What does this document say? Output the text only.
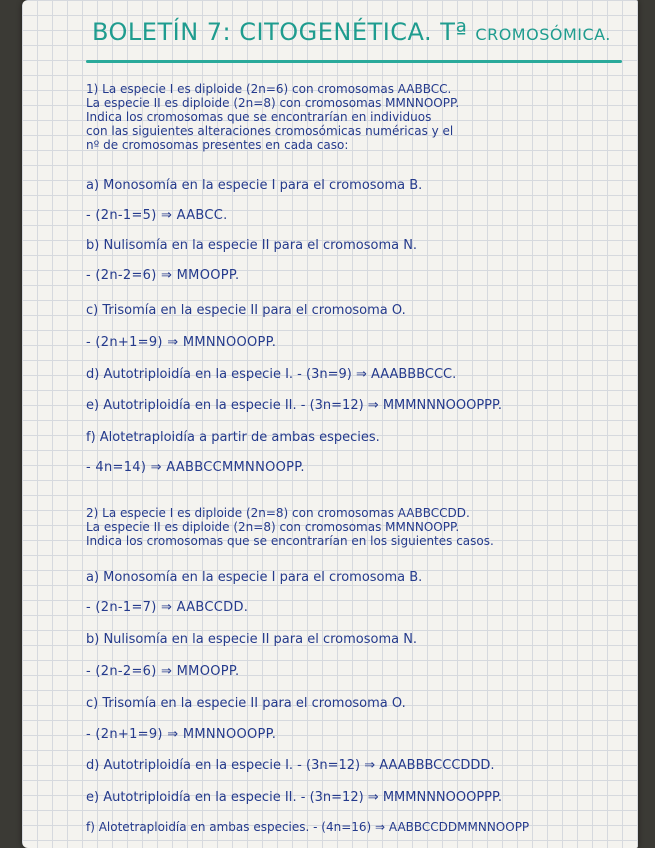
BOLETÍN 7: CITOGENÉTICA. Tª CROMOSÓMICA.
1) La especie I es diploide (2n=6) con cromosomas AABBCC.
La especie II es diploide (2n=8) con cromosomas MMNNOOPP.
Indica los cromosomas que se encontrarían en individuos
con las siguientes alteraciones cromosómicas numéricas y el
nº de cromosomas presentes en cada caso:
a) Monosomía en la especie I para el cromosoma B.
- (2n-1=5) ⇒ AABCC.
b) Nulisomía en la especie II para el cromosoma N.
- (2n-2=6) ⇒ MMOOPP.
c) Trisomía en la especie II para el cromosoma O.
- (2n+1=9) ⇒ MMNNOOOPP.
d) Autotriploidía en la especie I. - (3n=9) ⇒ AAABBBCCC.
e) Autotriploidía en la especie II. - (3n=12) ⇒ MMMNNNOOOPPP.
f) Alotetraploidía a partir de ambas especies.
- 4n=14) ⇒ AABBCCMMNNOOPP.
2) La especie I es diploide (2n=8) con cromosomas AABBCCDD.
La especie II es diploide (2n=8) con cromosomas MMNNOOPP.
Indica los cromosomas que se encontrarían en los siguientes casos.
a) Monosomía en la especie I para el cromosoma B.
- (2n-1=7) ⇒ AABCCDD.
b) Nulisomía en la especie II para el cromosoma N.
- (2n-2=6) ⇒ MMOOPP.
c) Trisomía en la especie II para el cromosoma O.
- (2n+1=9) ⇒ MMNNOOOPP.
d) Autotriploidía en la especie I. - (3n=12) ⇒ AAABBBCCCDDD.
e) Autotriploidía en la especie II. - (3n=12) ⇒ MMMNNNOOOPPP.
f) Alotetraploidía en ambas especies. - (4n=16) ⇒ AABBCCDDMMNNOOPP
